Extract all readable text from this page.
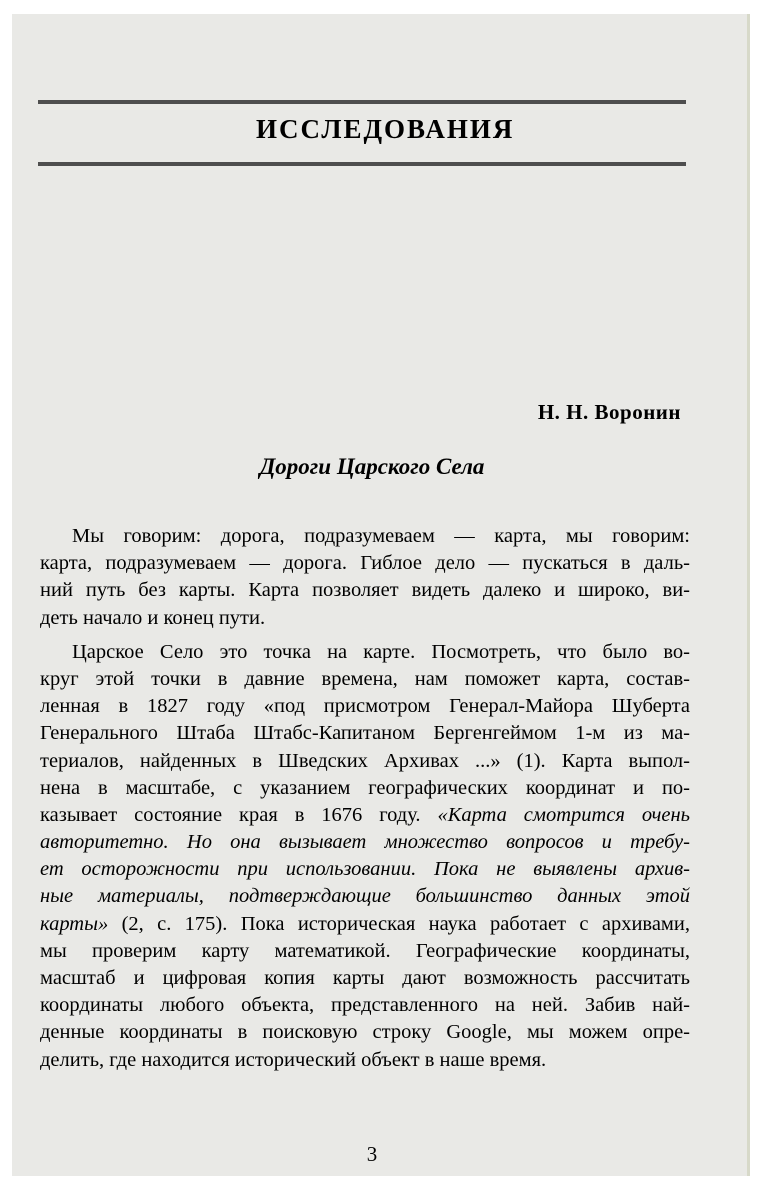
ИССЛЕДОВАНИЯ

Н. Н. Воронин

Дороги Царского Села
Мы говорим: дорога, подразумеваем — карта, мы говорим:
карта, подразумеваем — дорога. Гиблое дело — пускаться в даль-
ний путь без карты. Карта позволяет видеть далеко и широко, ви-
деть начало и конец пути.
Царское Село это точка на карте. Посмотреть, что было во-
круг этой точки в давние времена, нам поможет карта, состав-
ленная в 1827 году «под присмотром Генерал-Майора Шуберта
Генерального Штаба Штабс-Капитаном Бергенгеймом 1-м из ма-
териалов, найденных в Шведских Архивах ...» (1). Карта выпол-
нена в масштабе, с указанием географических координат и по-
казывает состояние края в 1676 году. «Карта смотрится очень
авторитетно. Но она вызывает множество вопросов и требу-
ет осторожности при использовании. Пока не выявлены архив-
ные материалы, подтверждающие большинство данных этой
карты» (2, с. 175). Пока историческая наука работает с архивами,
мы проверим карту математикой. Географические координаты,
масштаб и цифровая копия карты дают возможность рассчитать
координаты любого объекта, представленного на ней. Забив най-
денные координаты в поисковую строку Google, мы можем опре-
делить, где находится исторический объект в наше время.

3
